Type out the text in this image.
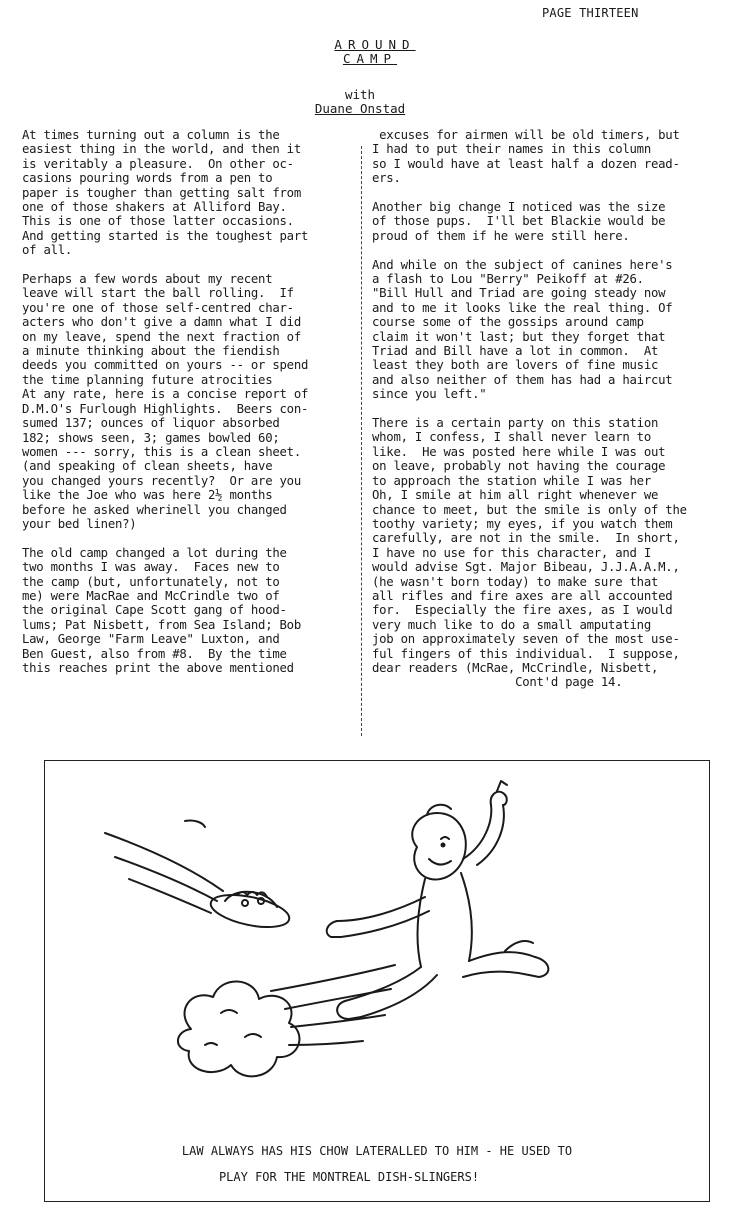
PAGE THIRTEEN
AROUND
CAMP
with
Duane Onstad

At times turning out a column is the
easiest thing in the world, and then it
is veritably a pleasure.  On other oc-
casions pouring words from a pen to
paper is tougher than getting salt from
one of those shakers at Alliford Bay.
This is one of those latter occasions.
And getting started is the toughest part
of all.

Perhaps a few words about my recent
leave will start the ball rolling.  If
you're one of those self-centred char-
acters who don't give a damn what I did
on my leave, spend the next fraction of
a minute thinking about the fiendish
deeds you committed on yours -- or spend
the time planning future atrocities
At any rate, here is a concise report of
D.M.O's Furlough Highlights.  Beers con-
sumed 137; ounces of liquor absorbed
182; shows seen, 3; games bowled 60;
women --- sorry, this is a clean sheet.
(and speaking of clean sheets, have
you changed yours recently?  Or are you
like the Joe who was here 2½ months
before he asked wherinell you changed
your bed linen?)

The old camp changed a lot during the
two months I was away.  Faces new to
the camp (but, unfortunately, not to
me) were MacRae and McCrindle two of
the original Cape Scott gang of hood-
lums; Pat Nisbett, from Sea Island; Bob
Law, George "Farm Leave" Luxton, and
Ben Guest, also from #8.  By the time
this reaches print the above mentioned

excuses for airmen will be old timers, but
I had to put their names in this column
so I would have at least half a dozen read-
ers.

Another big change I noticed was the size
of those pups.  I'll bet Blackie would be
proud of them if he were still here.

And while on the subject of canines here's
a flash to Lou "Berry" Peikoff at #26.
"Bill Hull and Triad are going steady now
and to me it looks like the real thing. Of
course some of the gossips around camp
claim it won't last; but they forget that
Triad and Bill have a lot in common.  At
least they both are lovers of fine music
and also neither of them has had a haircut
since you left."

There is a certain party on this station
whom, I confess, I shall never learn to
like.  He was posted here while I was out
on leave, probably not having the courage
to approach the station while I was her
Oh, I smile at him all right whenever we
chance to meet, but the smile is only of the
toothy variety; my eyes, if you watch them
carefully, are not in the smile.  In short,
I have no use for this character, and I
would advise Sgt. Major Bibeau, J.J.A.A.M.,
(he wasn't born today) to make sure that
all rifles and fire axes are all accounted
for.  Especially the fire axes, as I would
very much like to do a small amputating
job on approximately seven of the most use-
ful fingers of this individual.  I suppose,
dear readers (McRae, McCrindle, Nisbett,
Cont'd page 14.

LAW ALWAYS HAS HIS CHOW LATERALLED TO HIM - HE USED TO
PLAY FOR THE MONTREAL DISH-SLINGERS!
